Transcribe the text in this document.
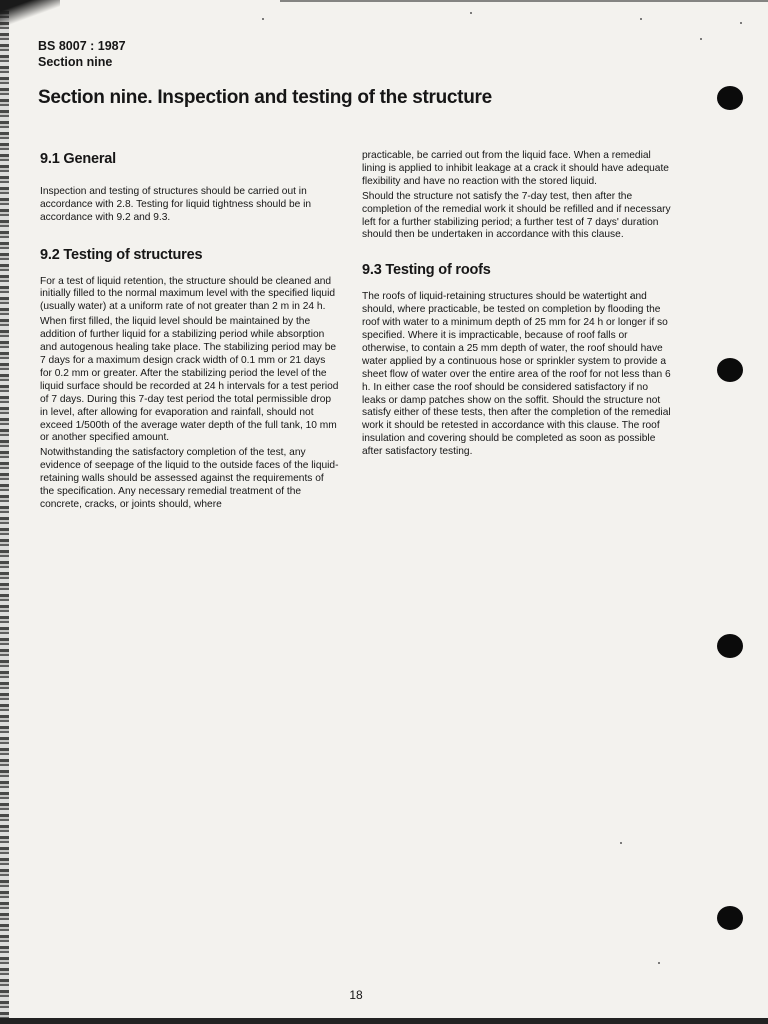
BS 8007 : 1987
Section nine
Section nine. Inspection and testing of the structure
9.1 General

Inspection and testing of structures should be carried out in accordance with 2.8. Testing for liquid tightness should be in accordance with 9.2 and 9.3.

9.2 Testing of structures

For a test of liquid retention, the structure should be cleaned and initially filled to the normal maximum level with the specified liquid (usually water) at a uniform rate of not greater than 2 m in 24 h.

When first filled, the liquid level should be maintained by the addition of further liquid for a stabilizing period while absorption and autogenous healing take place. The stabilizing period may be 7 days for a maximum design crack width of 0.1 mm or 21 days for 0.2 mm or greater. After the stabilizing period the level of the liquid surface should be recorded at 24 h intervals for a test period of 7 days. During this 7-day test period the total permissible drop in level, after allowing for evaporation and rainfall, should not exceed 1/500th of the average water depth of the full tank, 10 mm or another specified amount.

Notwithstanding the satisfactory completion of the test, any evidence of seepage of the liquid to the outside faces of the liquid-retaining walls should be assessed against the requirements of the specification. Any necessary remedial treatment of the concrete, cracks, or joints should, where

practicable, be carried out from the liquid face. When a remedial lining is applied to inhibit leakage at a crack it should have adequate flexibility and have no reaction with the stored liquid.

Should the structure not satisfy the 7-day test, then after the completion of the remedial work it should be refilled and if necessary left for a further stabilizing period; a further test of 7 days' duration should then be undertaken in accordance with this clause.

9.3 Testing of roofs

The roofs of liquid-retaining structures should be watertight and should, where practicable, be tested on completion by flooding the roof with water to a minimum depth of 25 mm for 24 h or longer if so specified. Where it is impracticable, because of roof falls or otherwise, to contain a 25 mm depth of water, the roof should have water applied by a continuous hose or sprinkler system to provide a sheet flow of water over the entire area of the roof for not less than 6 h. In either case the roof should be considered satisfactory if no leaks or damp patches show on the soffit. Should the structure not satisfy either of these tests, then after the completion of the remedial work it should be retested in accordance with this clause. The roof insulation and covering should be completed as soon as possible after satisfactory testing.

18
